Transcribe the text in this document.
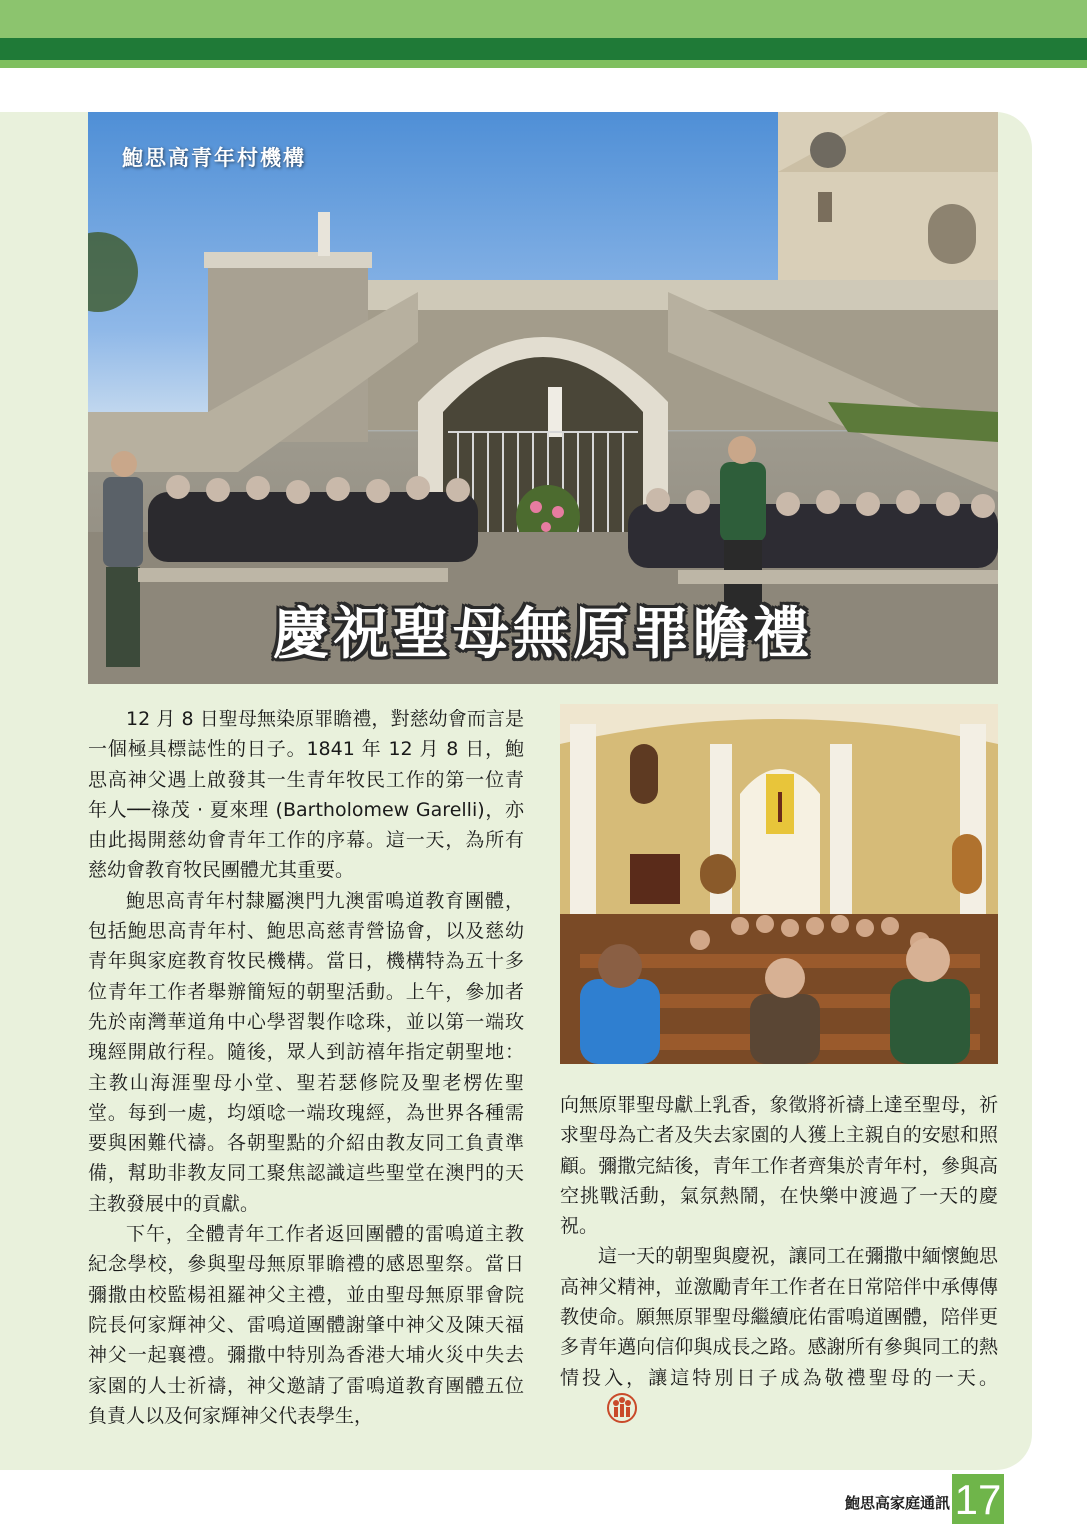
鮑思高青年村機構
慶祝聖母無原罪瞻禮

12 月 8 日聖母無染原罪瞻禮，對慈幼會而言是一個極具標誌性的日子。1841 年 12 月 8 日，鮑思高神父遇上啟發其一生青年牧民工作的第一位青年人──祿茂 ‧ 夏來理 (Bartholomew Garelli)，亦由此揭開慈幼會青年工作的序幕。這一天，為所有慈幼會教育牧民團體尤其重要。

鮑思高青年村隸屬澳門九澳雷鳴道教育團體，包括鮑思高青年村、鮑思高慈青營協會，以及慈幼青年與家庭教育牧民機構。當日，機構特為五十多位青年工作者舉辦簡短的朝聖活動。上午，參加者先於南灣華道角中心學習製作唸珠，並以第一端玫瑰經開啟行程。隨後，眾人到訪禧年指定朝聖地：主教山海涯聖母小堂、聖若瑟修院及聖老楞佐聖堂。每到一處，均頌唸一端玫瑰經，為世界各種需要與困難代禱。各朝聖點的介紹由教友同工負責準備，幫助非教友同工聚焦認識這些聖堂在澳門的天主教發展中的貢獻。

下午，全體青年工作者返回團體的雷鳴道主教紀念學校，參與聖母無原罪瞻禮的感恩聖祭。當日彌撒由校監楊祖羅神父主禮，並由聖母無原罪會院院長何家輝神父、雷鳴道團體謝肇中神父及陳天福神父一起襄禮。彌撒中特別為香港大埔火災中失去家園的人士祈禱，神父邀請了雷鳴道教育團體五位負責人以及何家輝神父代表學生，

向無原罪聖母獻上乳香，象徵將祈禱上達至聖母，祈求聖母為亡者及失去家園的人獲上主親自的安慰和照顧。彌撒完結後，青年工作者齊集於青年村，參與高空挑戰活動，氣氛熱鬧，在快樂中渡過了一天的慶祝。

這一天的朝聖與慶祝，讓同工在彌撒中緬懷鮑思高神父精神，並激勵青年工作者在日常陪伴中承傳傳教使命。願無原罪聖母繼續庇佑雷鳴道團體，陪伴更多青年邁向信仰與成長之路。感謝所有參與同工的熱情投入，讓這特別日子成為敬禮聖母的一天。

鮑思高家庭通訊 17
